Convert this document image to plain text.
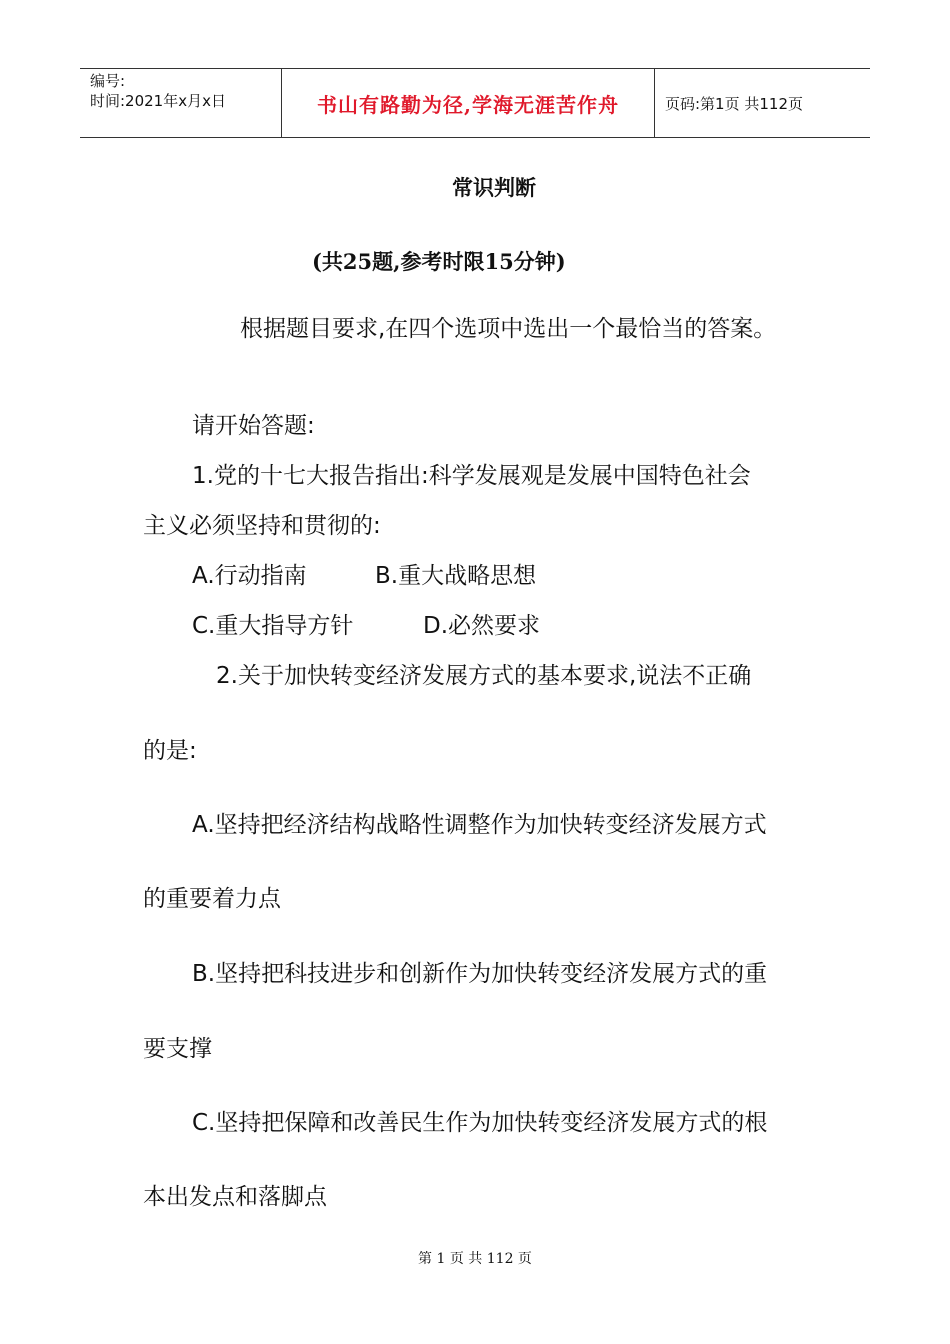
编号:
时间:2021年x月x日	书山有路勤为径,学海无涯苦作舟	页码:第1页 共112页
常识判断
(共25题,参考时限15分钟)
根据题目要求,在四个选项中选出一个最恰当的答案。
请开始答题:
1.党的十七大报告指出:科学发展观是发展中国特色社会
主义必须坚持和贯彻的:
A.行动指南	B.重大战略思想
C.重大指导方针	D.必然要求
2.关于加快转变经济发展方式的基本要求,说法不正确
的是:
A.坚持把经济结构战略性调整作为加快转变经济发展方式
的重要着力点
B.坚持把科技进步和创新作为加快转变经济发展方式的重
要支撑
C.坚持把保障和改善民生作为加快转变经济发展方式的根
本出发点和落脚点
第 1 页 共 112 页
